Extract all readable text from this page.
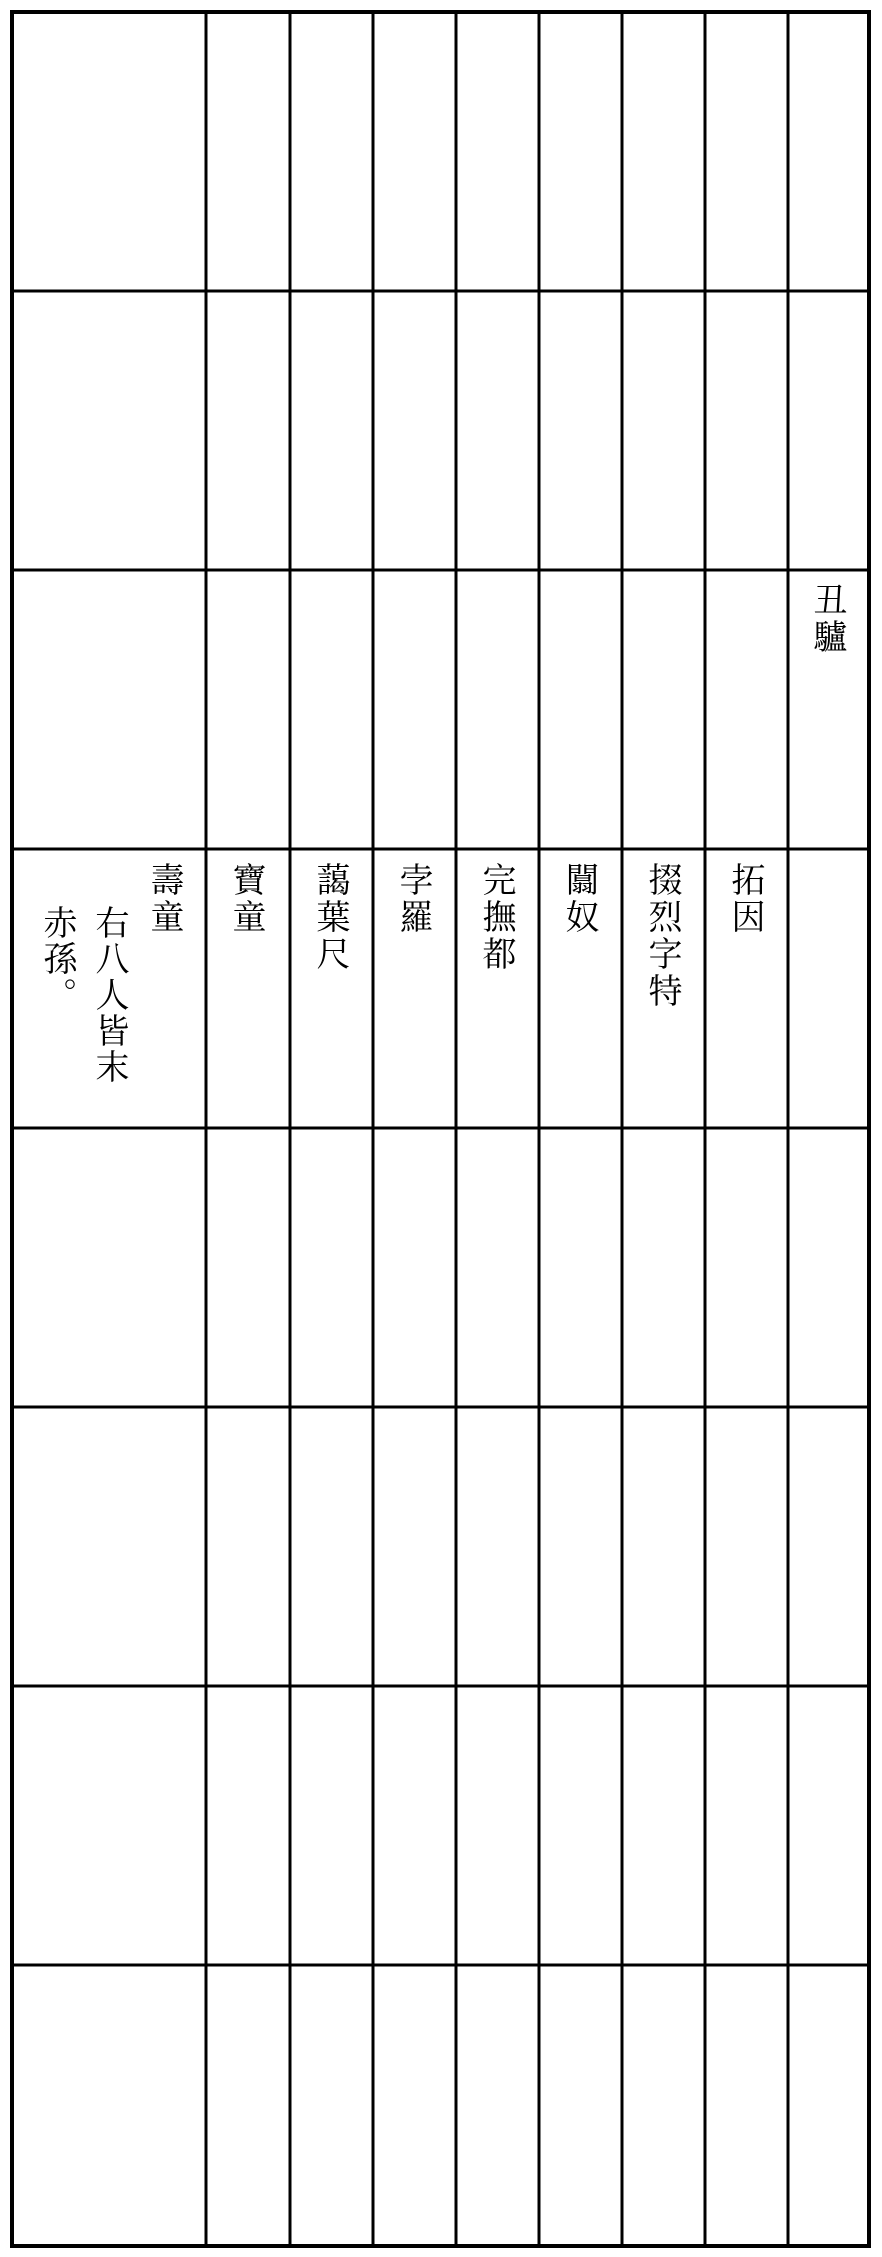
丑驢
拓因
掇烈字特
闒奴
完撫都
孛羅
藹葉尺
寶童
壽童
右八人皆末
赤孫。
